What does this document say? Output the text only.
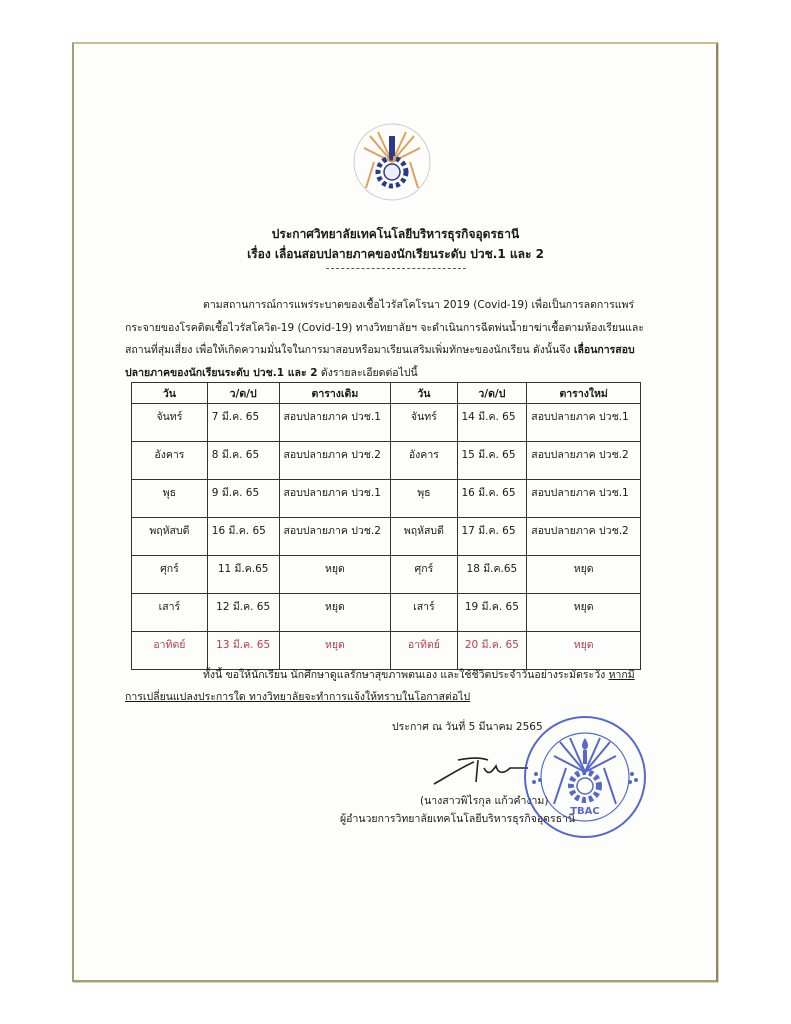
ประกาศวิทยาลัยเทคโนโลยีบริหารธุรกิจอุดรธานี
เรื่อง เลื่อนสอบปลายภาคของนักเรียนระดับ ปวช.1 และ 2
ตามสถานการณ์การแพร่ระบาดของเชื้อไวรัสโคโรนา 2019 (Covid-19) เพื่อเป็นการลดการแพร่กระจายของโรคติดเชื้อไวรัสโควิด-19 (Covid-19) ทางวิทยาลัยฯ จะดำเนินการฉีดพ่นน้ำยาฆ่าเชื้อตามห้องเรียนและสถานที่สุ่มเสี่ยง เพื่อให้เกิดความมั่นใจในการมาสอบหรือมาเรียนเสริมเพิ่มทักษะของนักเรียน ดังนั้นจึง เลื่อนการสอบปลายภาคของนักเรียนระดับ ปวช.1 และ 2 ดังรายละเอียดต่อไปนี้
วัน	ว/ด/ป	ตารางเดิม	วัน	ว/ด/ป	ตารางใหม่
จันทร์	7 มี.ค. 65	สอบปลายภาค ปวช.1	จันทร์	14 มี.ค. 65	สอบปลายภาค ปวช.1
อังคาร	8 มี.ค. 65	สอบปลายภาค ปวช.2	อังคาร	15 มี.ค. 65	สอบปลายภาค ปวช.2
พุธ	9 มี.ค. 65	สอบปลายภาค ปวช.1	พุธ	16 มี.ค. 65	สอบปลายภาค ปวช.1
พฤหัสบดี	16 มี.ค. 65	สอบปลายภาค ปวช.2	พฤหัสบดี	17 มี.ค. 65	สอบปลายภาค ปวช.2
ศุกร์	11 มี.ค.65	หยุด	ศุกร์	18 มี.ค.65	หยุด
เสาร์	12 มี.ค. 65	หยุด	เสาร์	19 มี.ค. 65	หยุด
อาทิตย์	13 มี.ค. 65	หยุด	อาทิตย์	20 มี.ค. 65	หยุด
ทั้งนี้ ขอให้นักเรียน นักศึกษาดูแลรักษาสุขภาพตนเอง และใช้ชีวิตประจำวันอย่างระมัดระวัง หากมีการเปลี่ยนแปลงประการใด ทางวิทยาลัยจะทำการแจ้งให้ทราบในโอกาสต่อไป
ประกาศ ณ วันที่ 5 มีนาคม 2565
(นางสาวพิไรกุล แก้วคำงาม)
ผู้อำนวยการวิทยาลัยเทคโนโลยีบริหารธุรกิจอุดรธานี
TBAC
